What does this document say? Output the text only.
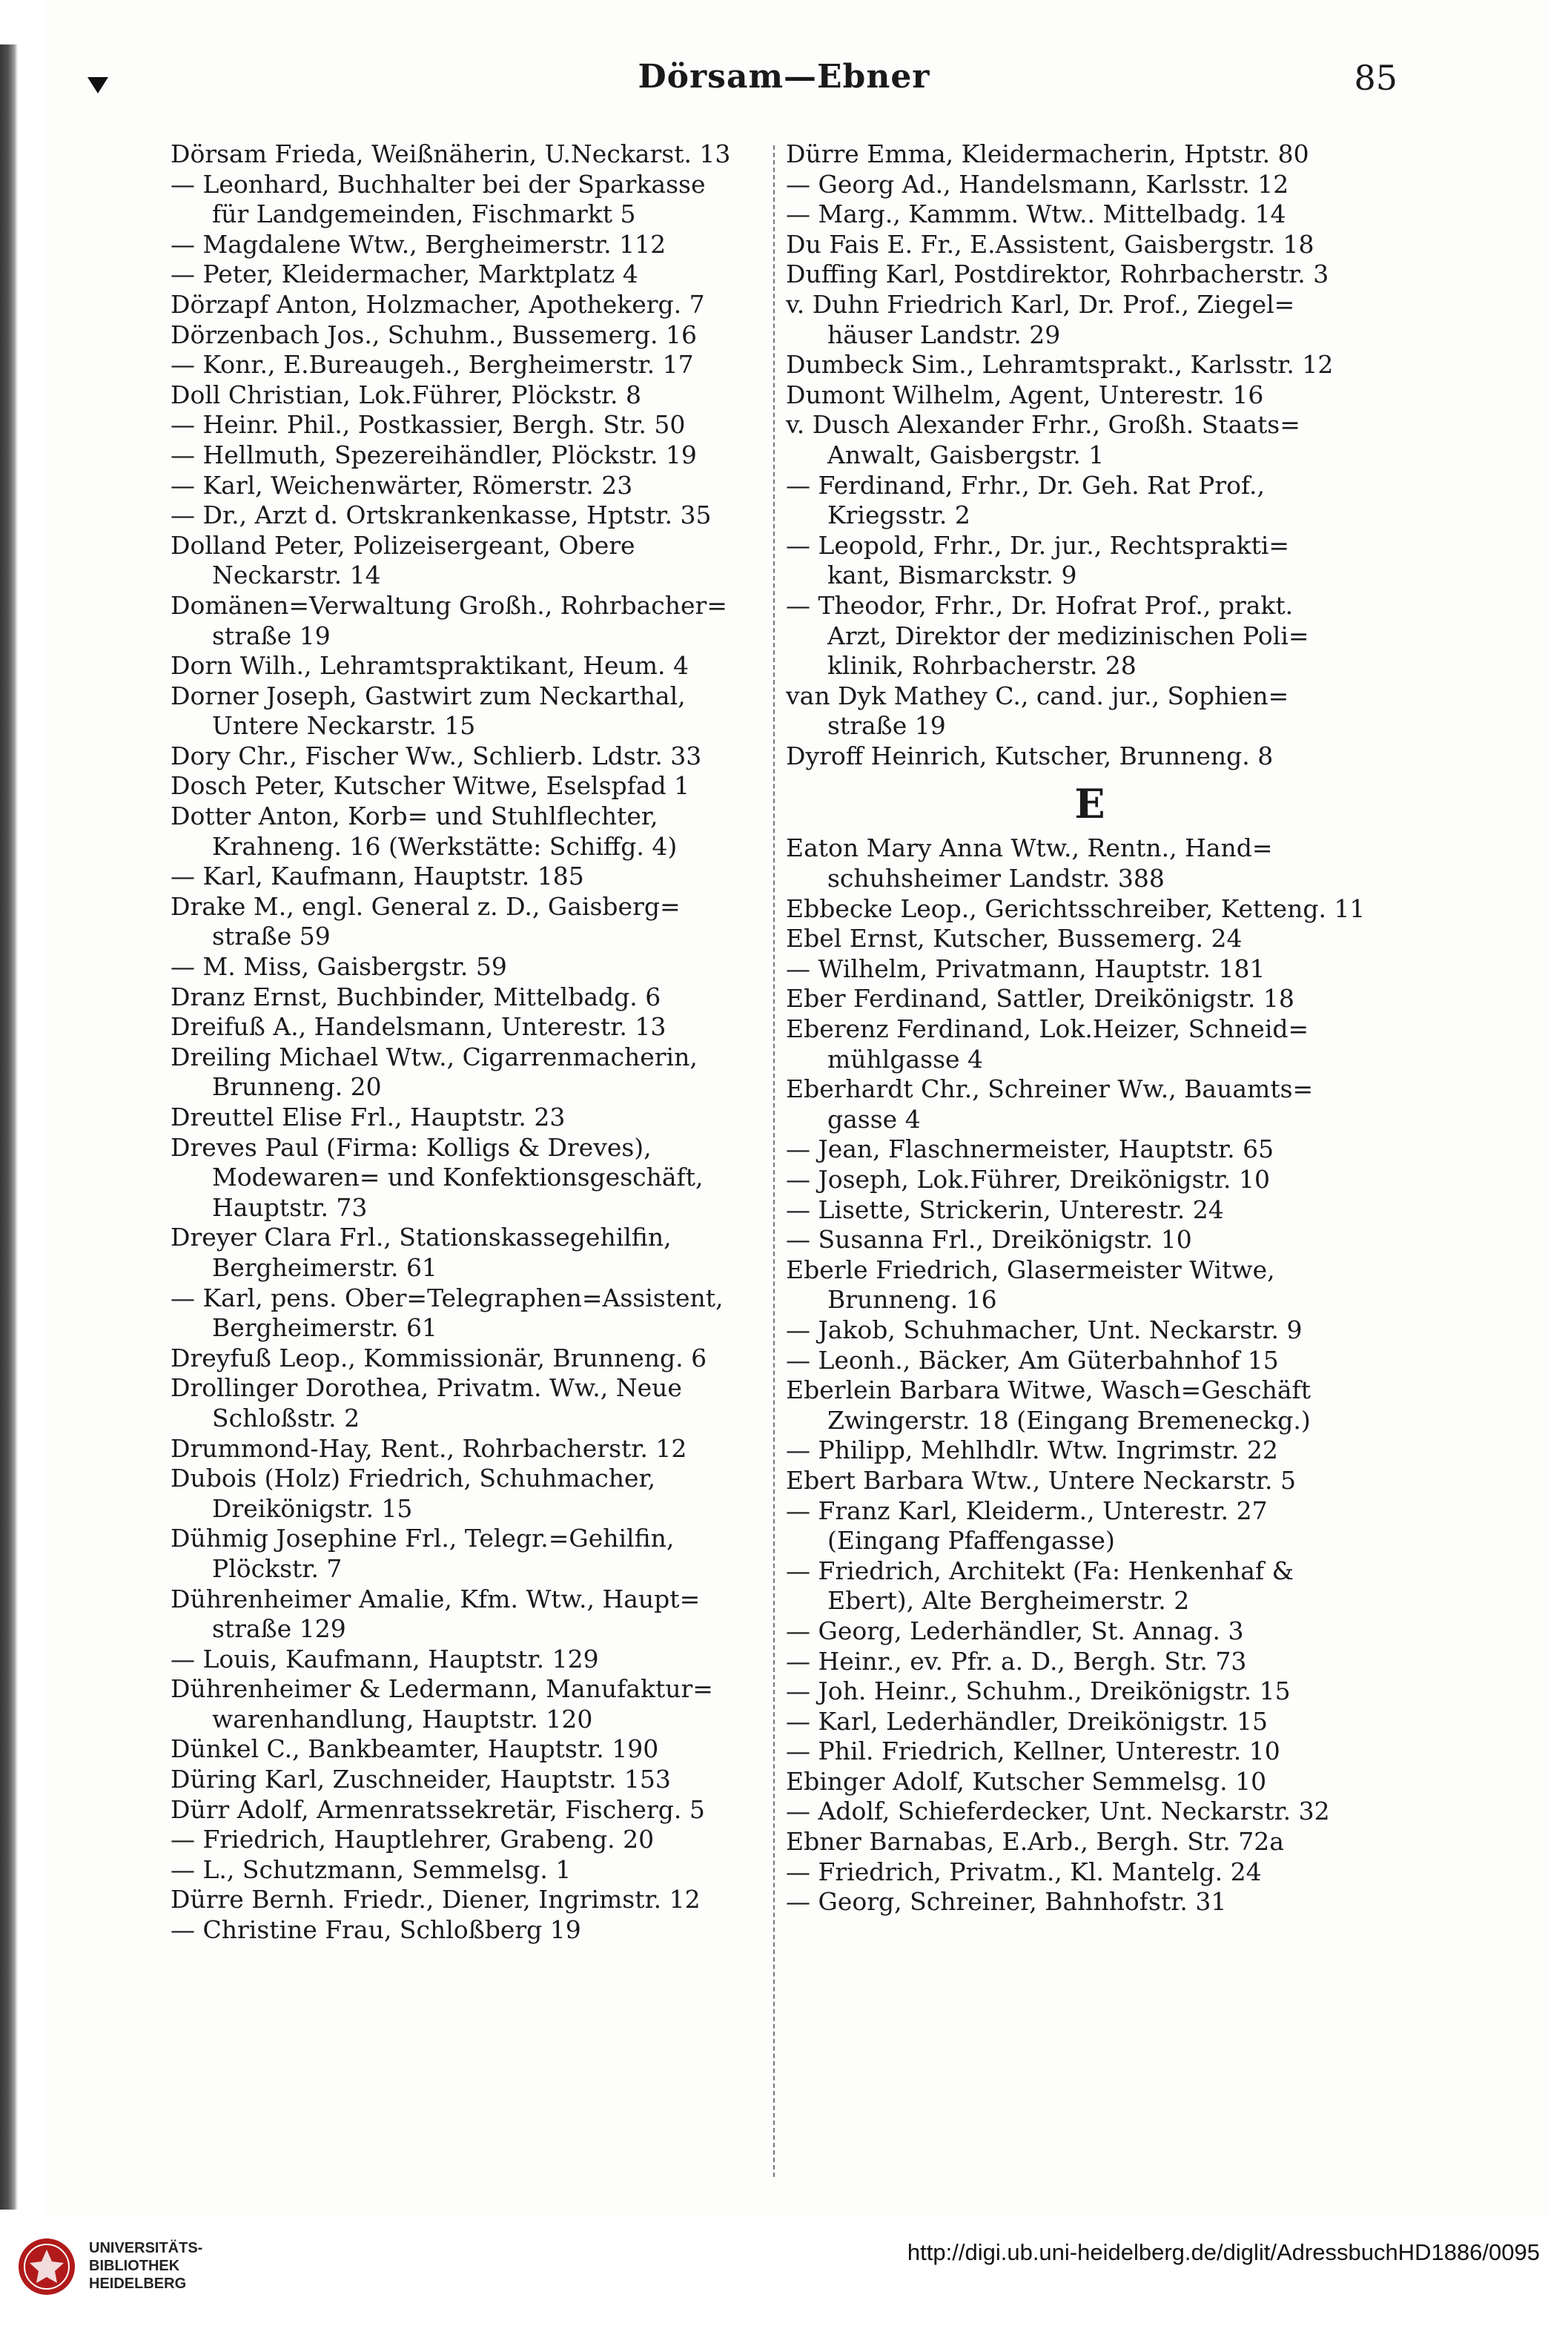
Dörsam—Ebner	85
Dörsam Frieda, Weißnäherin, U.Neckarst. 13
— Leonhard, Buchhalter bei der Sparkasse
für Landgemeinden, Fischmarkt 5
— Magdalene Wtw., Bergheimerstr. 112
— Peter, Kleidermacher, Marktplatz 4
Dörzapf Anton, Holzmacher, Apothekerg. 7
Dörzenbach Jos., Schuhm., Bussemerg. 16
— Konr., E.Bureaugeh., Bergheimerstr. 17
Doll Christian, Lok.Führer, Plöckstr. 8
— Heinr. Phil., Postkassier, Bergh. Str. 50
— Hellmuth, Spezereihändler, Plöckstr. 19
— Karl, Weichenwärter, Römerstr. 23
— Dr., Arzt d. Ortskrankenkasse, Hptstr. 35
Dolland Peter, Polizeisergeant, Obere
Neckarstr. 14
Domänen=Verwaltung Großh., Rohrbacher=
straße 19
Dorn Wilh., Lehramtspraktikant, Heum. 4
Dorner Joseph, Gastwirt zum Neckarthal,
Untere Neckarstr. 15
Dory Chr., Fischer Ww., Schlierb. Ldstr. 33
Dosch Peter, Kutscher Witwe, Eselspfad 1
Dotter Anton, Korb= und Stuhlflechter,
Krahneng. 16 (Werkstätte: Schiffg. 4)
— Karl, Kaufmann, Hauptstr. 185
Drake M., engl. General z. D., Gaisberg=
straße 59
— M. Miss, Gaisbergstr. 59
Dranz Ernst, Buchbinder, Mittelbadg. 6
Dreifuß A., Handelsmann, Unterestr. 13
Dreiling Michael Wtw., Cigarrenmacherin,
Brunneng. 20
Dreuttel Elise Frl., Hauptstr. 23
Dreves Paul (Firma: Kolligs & Dreves),
Modewaren= und Konfektionsgeschäft,
Hauptstr. 73
Dreyer Clara Frl., Stationskassegehilfin,
Bergheimerstr. 61
— Karl, pens. Ober=Telegraphen=Assistent,
Bergheimerstr. 61
Dreyfuß Leop., Kommissionär, Brunneng. 6
Drollinger Dorothea, Privatm. Ww., Neue
Schloßstr. 2
Drummond-Hay, Rent., Rohrbacherstr. 12
Dubois (Holz) Friedrich, Schuhmacher,
Dreikönigstr. 15
Dühmig Josephine Frl., Telegr.=Gehilfin,
Plöckstr. 7
Dührenheimer Amalie, Kfm. Wtw., Haupt=
straße 129
— Louis, Kaufmann, Hauptstr. 129
Dührenheimer & Ledermann, Manufaktur=
warenhandlung, Hauptstr. 120
Dünkel C., Bankbeamter, Hauptstr. 190
Düring Karl, Zuschneider, Hauptstr. 153
Dürr Adolf, Armenratssekretär, Fischerg. 5
— Friedrich, Hauptlehrer, Grabeng. 20
— L., Schutzmann, Semmelsg. 1
Dürre Bernh. Friedr., Diener, Ingrimstr. 12
— Christine Frau, Schloßberg 19
Dürre Emma, Kleidermacherin, Hptstr. 80
— Georg Ad., Handelsmann, Karlsstr. 12
— Marg., Kammm. Wtw.. Mittelbadg. 14
Du Fais E. Fr., E.Assistent, Gaisbergstr. 18
Duffing Karl, Postdirektor, Rohrbacherstr. 3
v. Duhn Friedrich Karl, Dr. Prof., Ziegel=
häuser Landstr. 29
Dumbeck Sim., Lehramtsprakt., Karlsstr. 12
Dumont Wilhelm, Agent, Unterestr. 16
v. Dusch Alexander Frhr., Großh. Staats=
Anwalt, Gaisbergstr. 1
— Ferdinand, Frhr., Dr. Geh. Rat Prof.,
Kriegsstr. 2
— Leopold, Frhr., Dr. jur., Rechtsprakti=
kant, Bismarckstr. 9
— Theodor, Frhr., Dr. Hofrat Prof., prakt.
Arzt, Direktor der medizinischen Poli=
klinik, Rohrbacherstr. 28
van Dyk Mathey C., cand. jur., Sophien=
straße 19
Dyroff Heinrich, Kutscher, Brunneng. 8
E
Eaton Mary Anna Wtw., Rentn., Hand=
schuhsheimer Landstr. 388
Ebbecke Leop., Gerichtsschreiber, Ketteng. 11
Ebel Ernst, Kutscher, Bussemerg. 24
— Wilhelm, Privatmann, Hauptstr. 181
Eber Ferdinand, Sattler, Dreikönigstr. 18
Eberenz Ferdinand, Lok.Heizer, Schneid=
mühlgasse 4
Eberhardt Chr., Schreiner Ww., Bauamts=
gasse 4
— Jean, Flaschnermeister, Hauptstr. 65
— Joseph, Lok.Führer, Dreikönigstr. 10
— Lisette, Strickerin, Unterestr. 24
— Susanna Frl., Dreikönigstr. 10
Eberle Friedrich, Glasermeister Witwe,
Brunneng. 16
— Jakob, Schuhmacher, Unt. Neckarstr. 9
— Leonh., Bäcker, Am Güterbahnhof 15
Eberlein Barbara Witwe, Wasch=Geschäft
Zwingerstr. 18 (Eingang Bremeneckg.)
— Philipp, Mehlhdlr. Wtw. Ingrimstr. 22
Ebert Barbara Wtw., Untere Neckarstr. 5
— Franz Karl, Kleiderm., Unterestr. 27
(Eingang Pfaffengasse)
— Friedrich, Architekt (Fa: Henkenhaf &
Ebert), Alte Bergheimerstr. 2
— Georg, Lederhändler, St. Annag. 3
— Heinr., ev. Pfr. a. D., Bergh. Str. 73
— Joh. Heinr., Schuhm., Dreikönigstr. 15
— Karl, Lederhändler, Dreikönigstr. 15
— Phil. Friedrich, Kellner, Unterestr. 10
Ebinger Adolf, Kutscher Semmelsg. 10
— Adolf, Schieferdecker, Unt. Neckarstr. 32
Ebner Barnabas, E.Arb., Bergh. Str. 72a
— Friedrich, Privatm., Kl. Mantelg. 24
— Georg, Schreiner, Bahnhofstr. 31
UNIVERSITÄTS-
BIBLIOTHEK
HEIDELBERG
http://digi.ub.uni-heidelberg.de/diglit/AdressbuchHD1886/0095
